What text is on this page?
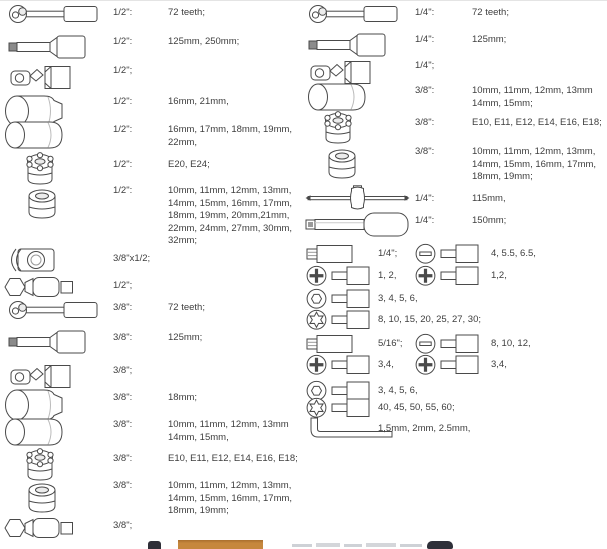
1/2":	72 teeth;
1/2":	125mm, 250mm;
1/2";
1/2":	16mm, 21mm,
1/2":	16mm, 17mm, 18mm, 19mm, 22mm,
1/2":	E20, E24;
1/2":	10mm, 11mm, 12mm, 13mm, 14mm, 15mm, 16mm, 17mm, 18mm, 19mm, 20mm,21mm, 22mm, 24mm, 27mm, 30mm, 32mm;
3/8"x1/2;
1/2";
3/8":	72 teeth;
3/8":	125mm;
3/8";
3/8":	18mm;
3/8":	10mm, 11mm, 12mm, 13mm 14mm, 15mm,
3/8":	E10, E11, E12, E14, E16, E18;
3/8":	10mm, 11mm, 12mm, 13mm, 14mm, 15mm, 16mm, 17mm, 18mm, 19mm;
3/8";
1/4":	72 teeth;
1/4":	125mm;
1/4";
3/8":	10mm, 11mm, 12mm, 13mm 14mm, 15mm;
3/8":	E10, E11, E12, E14, E16, E18;
3/8":	10mm, 11mm, 12mm, 13mm, 14mm, 15mm, 16mm, 17mm, 18mm, 19mm;
1/4":	115mm,
1/4":	150mm;
1/4";	4, 5.5, 6.5,
1, 2,	1,2,
3, 4, 5, 6,
8, 10, 15, 20, 25, 27, 30;
5/16";	8, 10, 12,
3,4,	3,4,
3, 4, 5, 6,
40, 45, 50, 55, 60;
1,5mm, 2mm, 2.5mm,
